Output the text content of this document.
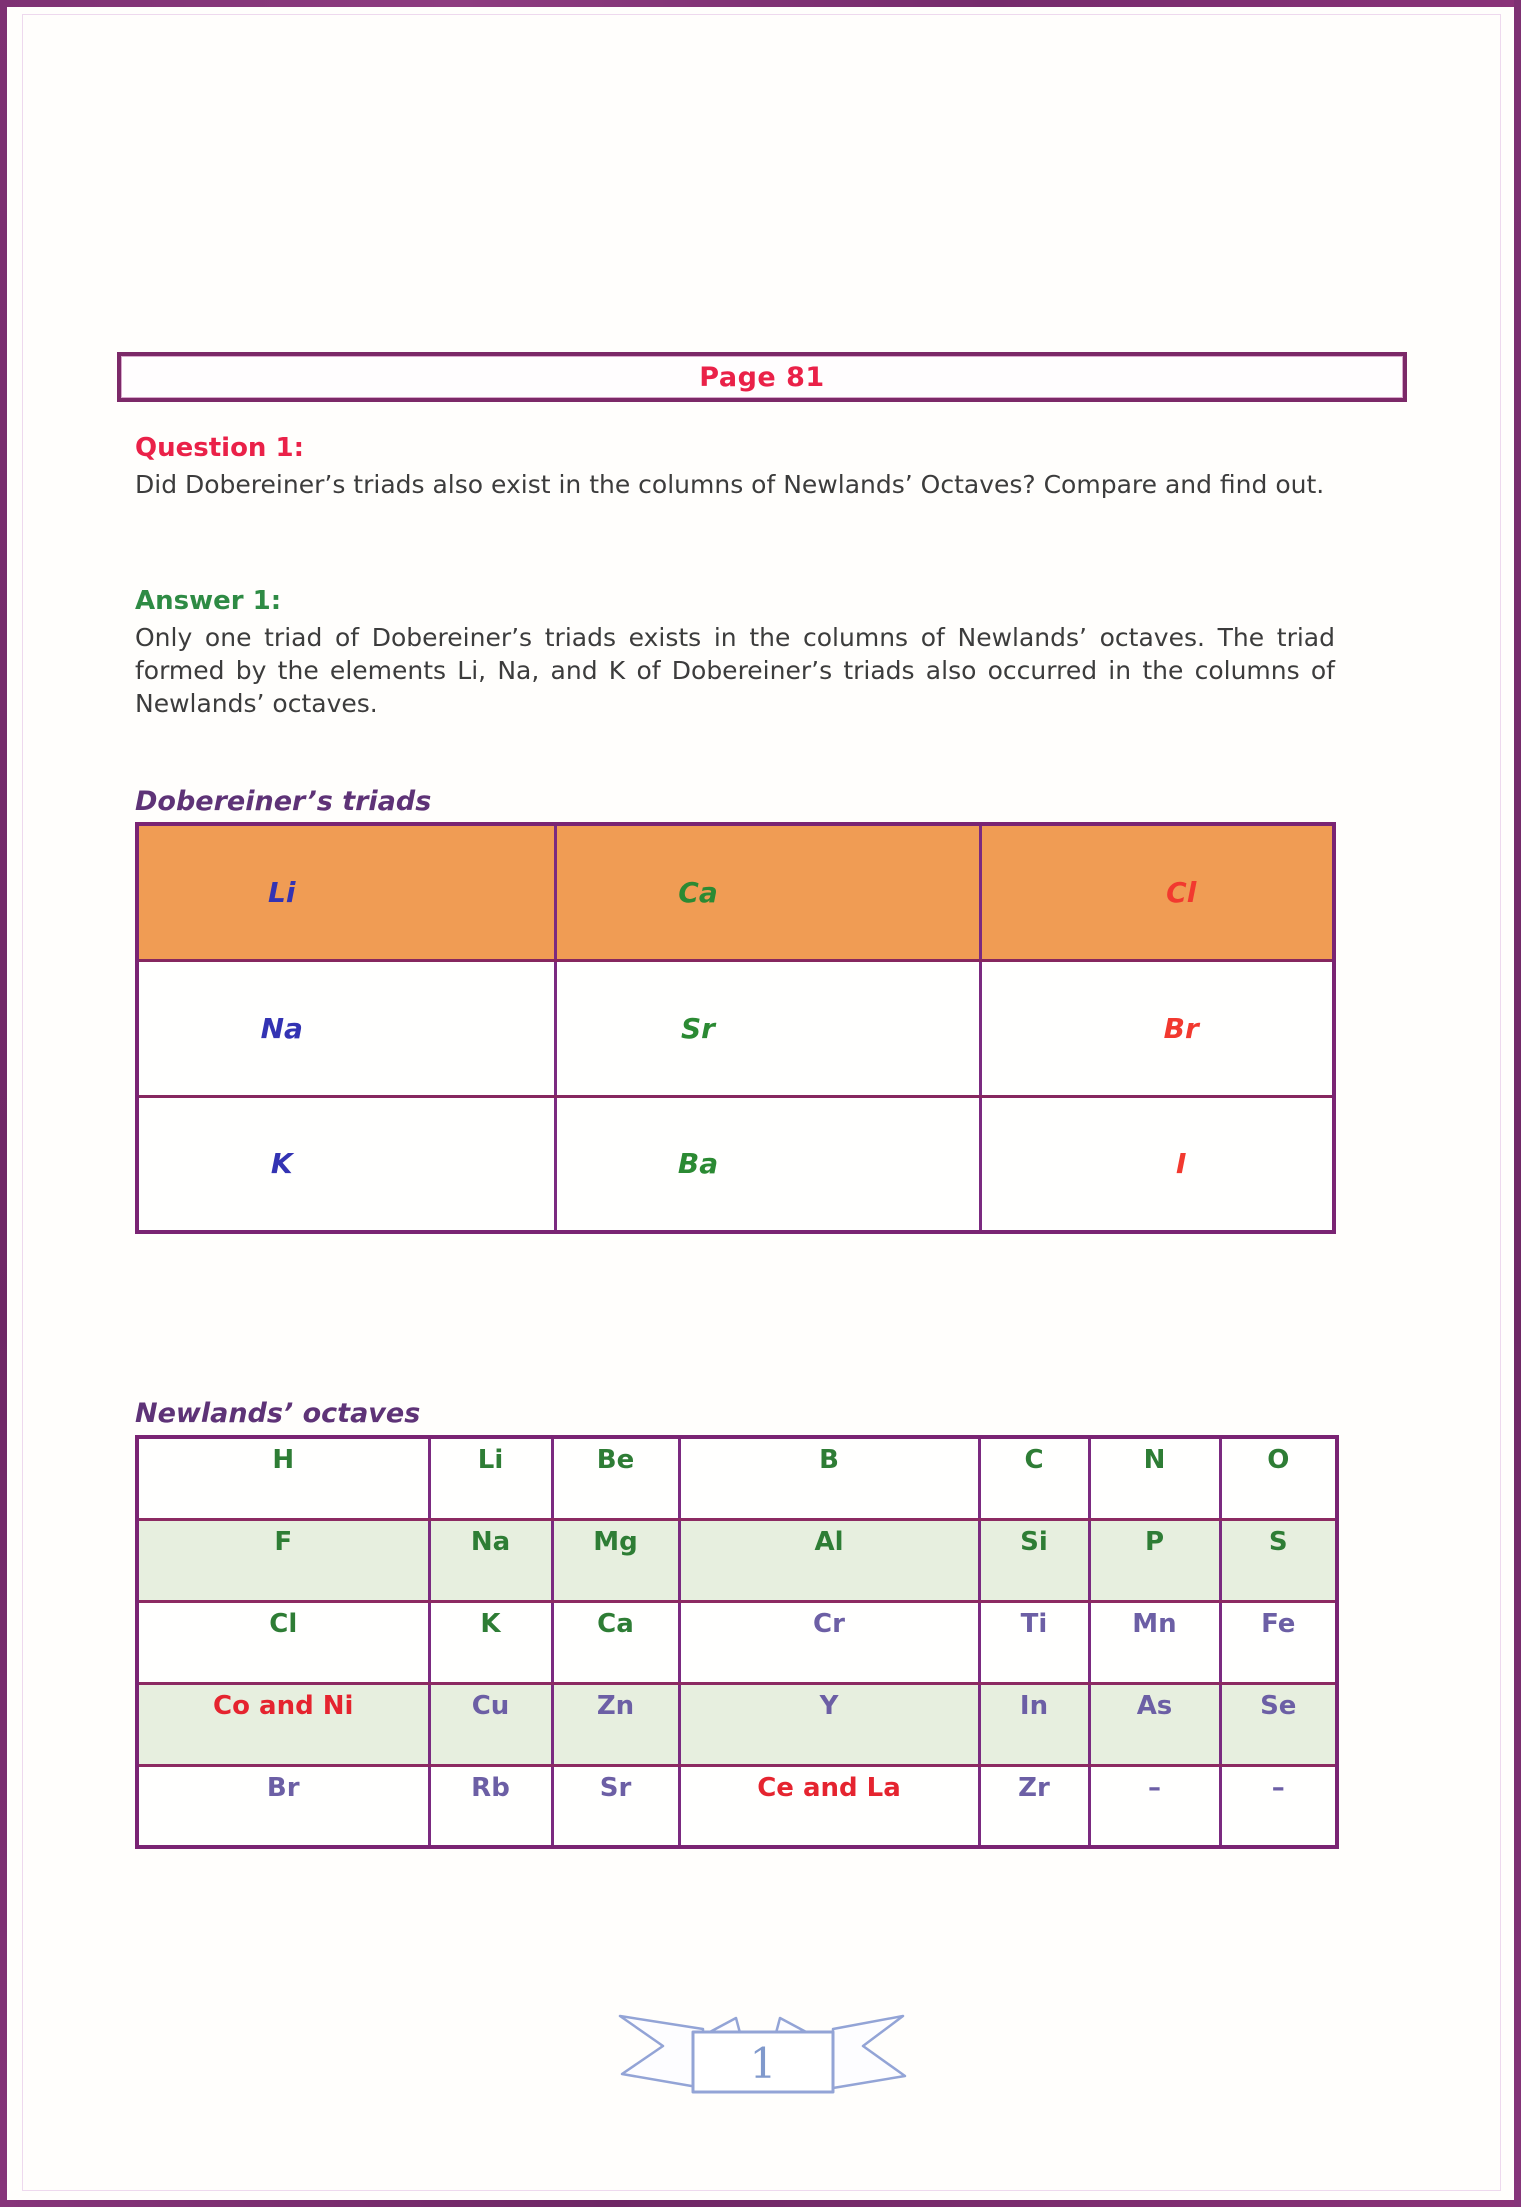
Page 81

Question 1:

Did Dobereiner’s triads also exist in the columns of Newlands’ Octaves? Compare and find out.

Answer 1:

Only one triad of Dobereiner’s triads exists in the columns of Newlands’ octaves. The triad formed by the elements Li, Na, and K of Dobereiner’s triads also occurred in the columns of Newlands’ octaves.

Dobereiner’s triads
Li	Ca	Cl
Na	Sr	Br
K	Ba	I
Newlands’ octaves
H	Li	Be	B	C	N	O
F	Na	Mg	Al	Si	P	S
Cl	K	Ca	Cr	Ti	Mn	Fe
Co and Ni	Cu	Zn	Y	In	As	Se
Br	Rb	Sr	Ce and La	Zr	–	–
1
